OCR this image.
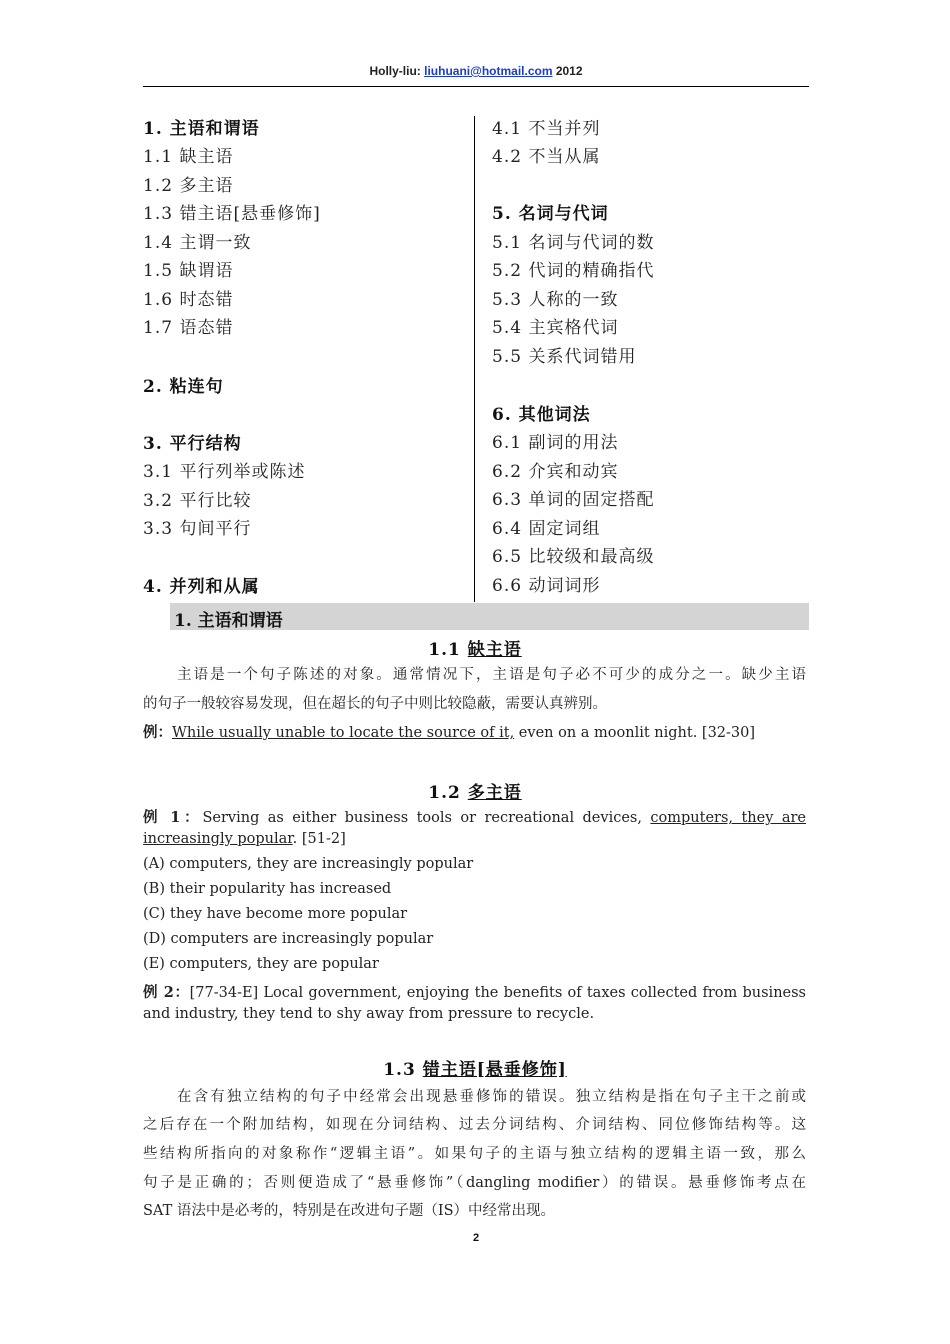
Holly-liu: liuhuani@hotmail.com 2012
1. 主语和谓语
1.1 缺主语
1.2 多主语
1.3 错主语[悬垂修饰]
1.4 主谓一致
1.5 缺谓语
1.6 时态错
1.7 语态错
2. 粘连句
3. 平行结构
3.1 平行列举或陈述
3.2 平行比较
3.3 句间平行
4. 并列和从属
4.1 不当并列
4.2 不当从属
5. 名词与代词
5.1 名词与代词的数
5.2 代词的精确指代
5.3 人称的一致
5.4 主宾格代词
5.5 关系代词错用
6. 其他词法
6.1 副词的用法
6.2 介宾和动宾
6.3 单词的固定搭配
6.4 固定词组
6.5 比较级和最高级
6.6 动词词形
1. 主语和谓语
1.1 缺主语
主语是一个句子陈述的对象。通常情况下，主语是句子必不可少的成分之一。缺少主语
的句子一般较容易发现，但在超长的句子中则比较隐蔽，需要认真辨别。
例：While usually unable to locate the source of it, even on a moonlit night. [32-30]
1.2 多主语
例 1：Serving as either business tools or recreational devices, computers, they are
increasingly popular. [51-2]
(A) computers, they are increasingly popular
(B) their popularity has increased
(C) they have become more popular
(D) computers are increasingly popular
(E) computers, they are popular
例 2：[77-34-E] Local government, enjoying the benefits of taxes collected from business
and industry, they tend to shy away from pressure to recycle.
1.3 错主语[悬垂修饰]
在含有独立结构的句子中经常会出现悬垂修饰的错误。独立结构是指在句子主干之前或
之后存在一个附加结构，如现在分词结构、过去分词结构、介词结构、同位修饰结构等。这
些结构所指向的对象称作“逻辑主语”。如果句子的主语与独立结构的逻辑主语一致，那么
句子是正确的；否则便造成了“悬垂修饰”（dangling modifier）的错误。悬垂修饰考点在
SAT 语法中是必考的，特别是在改进句子题（IS）中经常出现。
2
